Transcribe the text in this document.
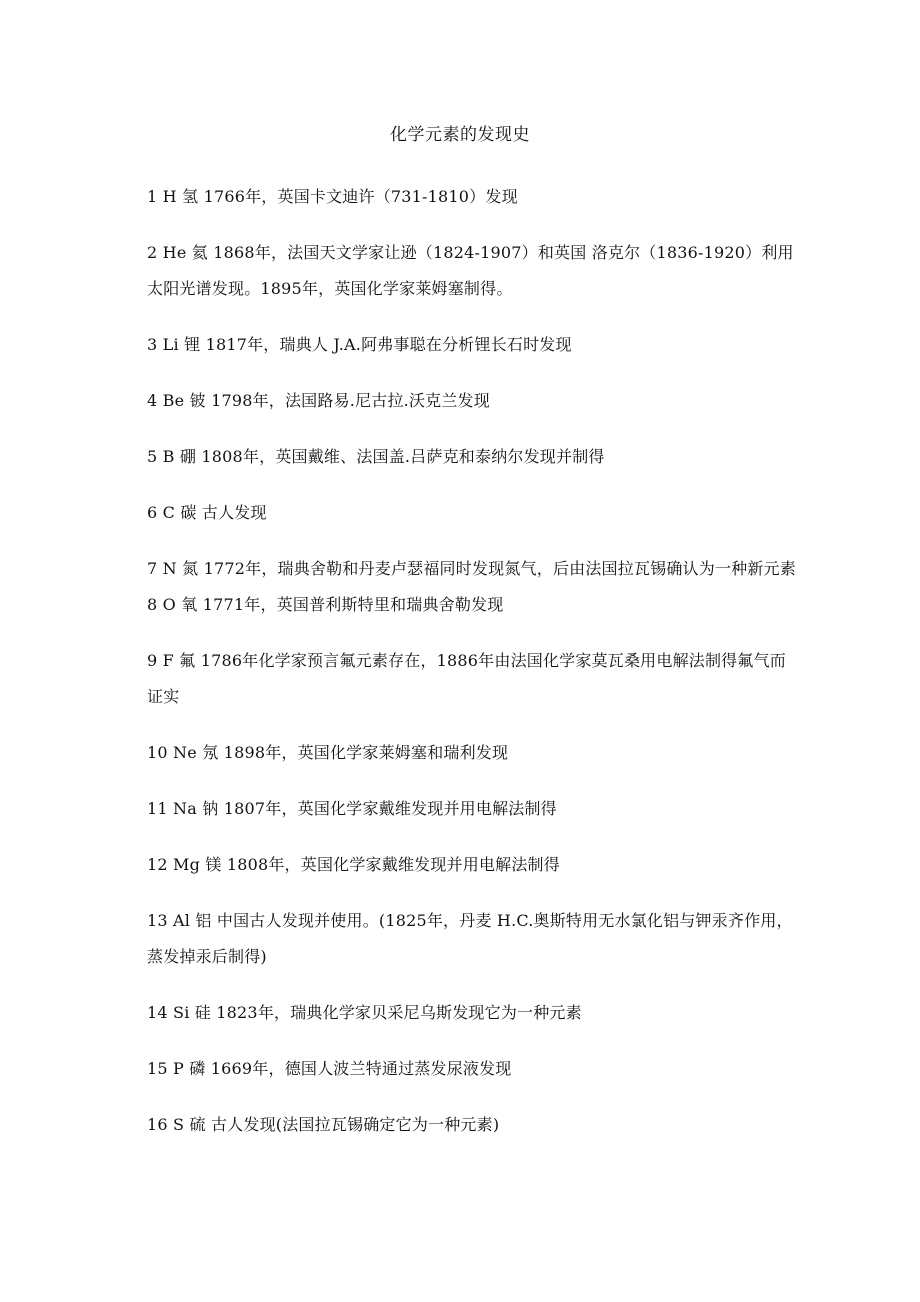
化学元素的发现史

1 H 氢 1766年，英国卡文迪许（731-1810）发现

2 He 氦 1868年，法国天文学家让逊（1824-1907）和英国 洛克尔（1836-1920）利用太阳光谱发现。1895年，英国化学家莱姆塞制得。

3 Li 锂 1817年，瑞典人 J.A.阿弗事聪在分析锂长石时发现

4 Be 铍 1798年，法国路易.尼古拉.沃克兰发现

5 B 硼 1808年，英国戴维、法国盖.吕萨克和泰纳尔发现并制得

6 C 碳 古人发现

7 N 氮 1772年，瑞典舍勒和丹麦卢瑟福同时发现氮气，后由法国拉瓦锡确认为一种新元素 8 O 氧 1771年，英国普利斯特里和瑞典舍勒发现

9 F 氟 1786年化学家预言氟元素存在，1886年由法国化学家莫瓦桑用电解法制得氟气而证实

10 Ne 氖 1898年，英国化学家莱姆塞和瑞利发现

11 Na 钠 1807年，英国化学家戴维发现并用电解法制得

12 Mg 镁 1808年，英国化学家戴维发现并用电解法制得

13 Al 铝 中国古人发现并使用。(1825年，丹麦 H.C.奥斯特用无水氯化铝与钾汞齐作用，蒸发掉汞后制得)

14 Si 硅 1823年，瑞典化学家贝采尼乌斯发现它为一种元素

15 P 磷 1669年，德国人波兰特通过蒸发尿液发现

16 S 硫 古人发现(法国拉瓦锡确定它为一种元素)
